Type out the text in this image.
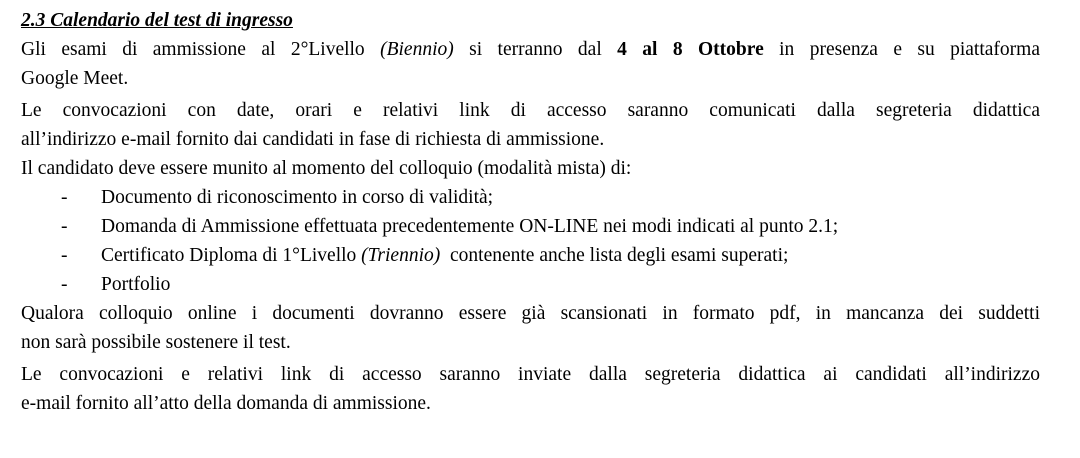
2.3 Calendario del test di ingresso

Gli esami di ammissione al 2°Livello (Biennio) si terranno dal 4 al 8 Ottobre in presenza e su piattaforma
Google Meet.

Le convocazioni con date, orari e relativi link di accesso saranno comunicati dalla segreteria didattica
all’indirizzo e-mail fornito dai candidati in fase di richiesta di ammissione.

Il candidato deve essere munito al momento del colloquio (modalità mista) di:

- Documento di riconoscimento in corso di validità;
- Domanda di Ammissione effettuata precedentemente ON-LINE nei modi indicati al punto 2.1;
- Certificato Diploma di 1°Livello (Triennio)  contenente anche lista degli esami superati;
- Portfolio

Qualora colloquio online i documenti dovranno essere già scansionati in formato pdf, in mancanza dei suddetti
non sarà possibile sostenere il test.

Le convocazioni e relativi link di accesso saranno inviate dalla segreteria didattica ai candidati all’indirizzo
e-mail fornito all’atto della domanda di ammissione.
